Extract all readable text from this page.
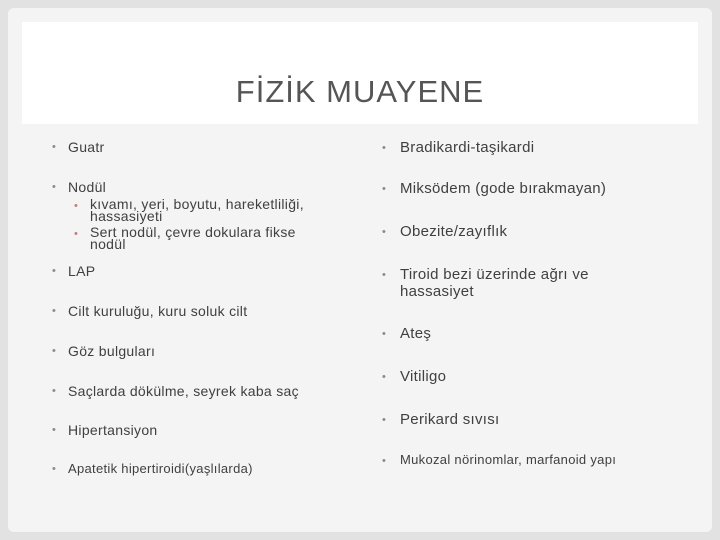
FİZİK MUAYENE
• Guatr
• Nodül
• kıvamı, yeri, boyutu, hareketliliği, hassasiyeti
• Sert nodül, çevre dokulara fikse nodül
• LAP
• Cilt kuruluğu, kuru soluk cilt
• Göz bulguları
• Saçlarda dökülme, seyrek kaba saç
• Hipertansiyon
• Apatetik hipertiroidi(yaşlılarda)
• Bradikardi-taşikardi
• Miksödem (gode bırakmayan)
• Obezite/zayıflık
• Tiroid bezi üzerinde ağrı ve hassasiyet
• Ateş
• Vitiligo
• Perikard sıvısı
• Mukozal nörinomlar, marfanoid yapı
